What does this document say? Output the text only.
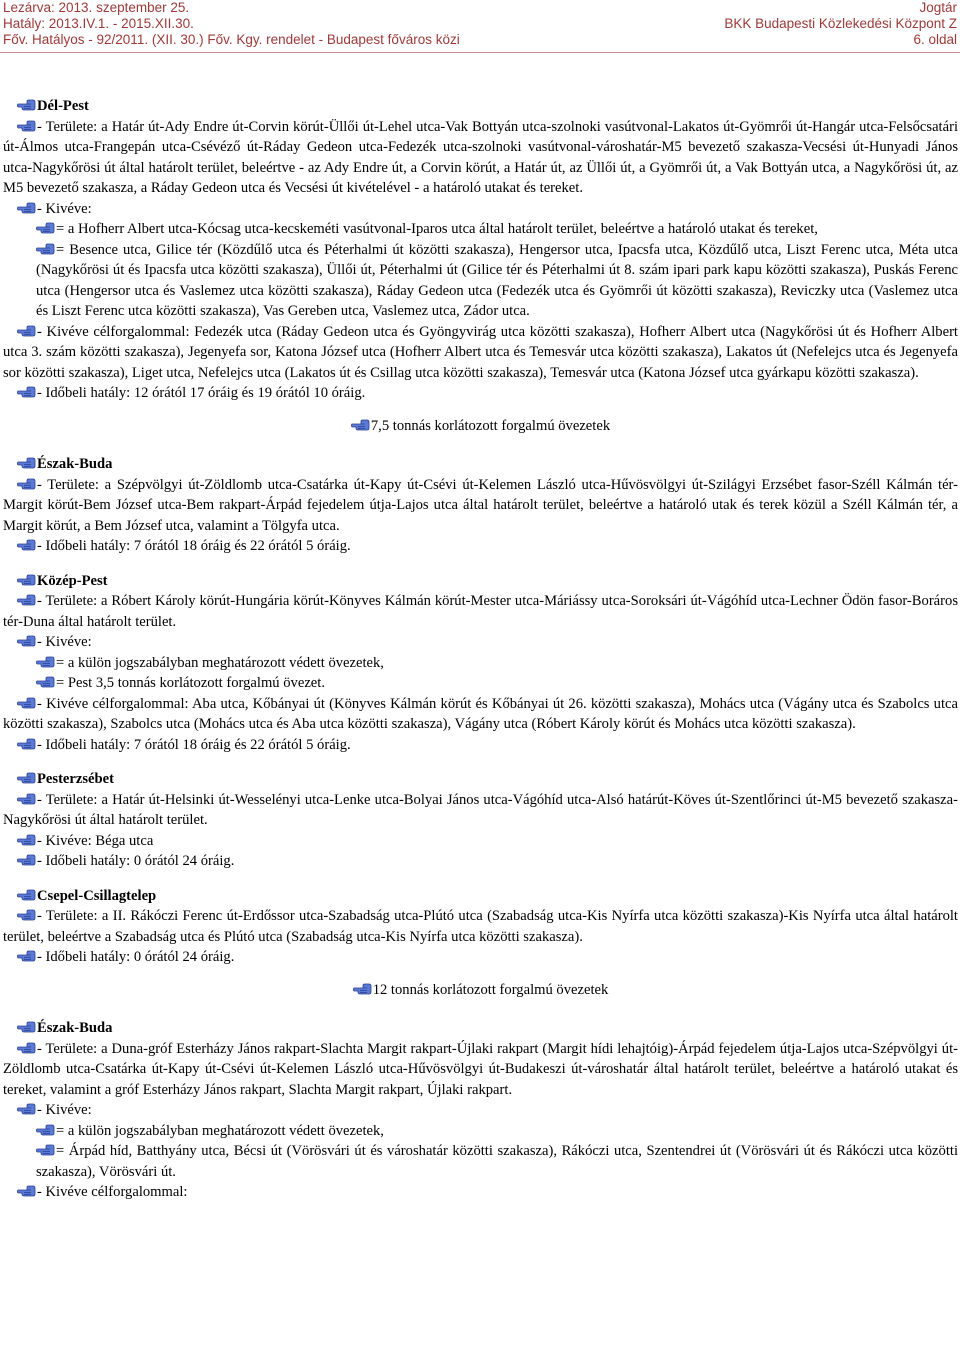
Lezárva: 2013. szeptember 25.
Hatály: 2013.IV.1. - 2015.XII.30.
Főv. Hatályos - 92/2011. (XII. 30.) Főv. Kgy. rendelet - Budapest főváros közi
Jogtár
BKK Budapesti Közlekedési Központ Z
6. oldal

Dél-Pest

- Területe: a Határ út-Ady Endre út-Corvin körút-Üllői út-Lehel utca-Vak Bottyán utca-szolnoki vasútvonal-Lakatos út-Gyömrői út-Hangár utca-Felsőcsatári út-Álmos utca-Frangepán utca-Csévéző út-Ráday Gedeon utca-Fedezék utca-szolnoki vasútvonal-városhatár-M5 bevezető szakasza-Vecsési út-Hunyadi János utca-Nagykőrösi út által határolt terület, beleértve - az Ady Endre út, a Corvin körút, a Határ út, az Üllői út, a Gyömrői út, a Vak Bottyán utca, a Nagykőrösi út, az M5 bevezető szakasza, a Ráday Gedeon utca és Vecsési út kivételével - a határoló utakat és tereket.

- Kivéve:

= a Hofherr Albert utca-Kócsag utca-kecskeméti vasútvonal-Iparos utca által határolt terület, beleértve a határoló utakat és tereket,

= Besence utca, Gilice tér (Közdűlő utca és Péterhalmi út közötti szakasza), Hengersor utca, Ipacsfa utca, Közdűlő utca, Liszt Ferenc utca, Méta utca (Nagykőrösi út és Ipacsfa utca közötti szakasza), Üllői út, Péterhalmi út (Gilice tér és Péterhalmi út 8. szám ipari park kapu közötti szakasza), Puskás Ferenc utca (Hengersor utca és Vaslemez utca közötti szakasza), Ráday Gedeon utca (Fedezék utca és Gyömrői út közötti szakasza), Reviczky utca (Vaslemez utca és Liszt Ferenc utca közötti szakasza), Vas Gereben utca, Vaslemez utca, Zádor utca.

- Kivéve célforgalommal: Fedezék utca (Ráday Gedeon utca és Gyöngyvirág utca közötti szakasza), Hofherr Albert utca (Nagykőrösi út és Hofherr Albert utca 3. szám közötti szakasza), Jegenyefa sor, Katona József utca (Hofherr Albert utca és Temesvár utca közötti szakasza), Lakatos út (Nefelejcs utca és Jegenyefa sor közötti szakasza), Liget utca, Nefelejcs utca (Lakatos út és Csillag utca közötti szakasza), Temesvár utca (Katona József utca gyárkapu közötti szakasza).

- Időbeli hatály: 12 órától 17 óráig és 19 órától 10 óráig.

7,5 tonnás korlátozott forgalmú övezetek

Észak-Buda

- Területe: a Szépvölgyi út-Zöldlomb utca-Csatárka út-Kapy út-Csévi út-Kelemen László utca-Hűvösvölgyi út-Szilágyi Erzsébet fasor-Széll Kálmán tér-Margit körút-Bem József utca-Bem rakpart-Árpád fejedelem útja-Lajos utca által határolt terület, beleértve a határoló utak és terek közül a Széll Kálmán tér, a Margit körút, a Bem József utca, valamint a Tölgyfa utca.

- Időbeli hatály: 7 órától 18 óráig és 22 órától 5 óráig.

Közép-Pest

- Területe: a Róbert Károly körút-Hungária körút-Könyves Kálmán körút-Mester utca-Máriássy utca-Soroksári út-Vágóhíd utca-Lechner Ödön fasor-Boráros tér-Duna által határolt terület.

- Kivéve:

= a külön jogszabályban meghatározott védett övezetek,

= Pest 3,5 tonnás korlátozott forgalmú övezet.

- Kivéve célforgalommal: Aba utca, Kőbányai út (Könyves Kálmán körút és Kőbányai út 26. közötti szakasza), Mohács utca (Vágány utca és Szabolcs utca közötti szakasza), Szabolcs utca (Mohács utca és Aba utca közötti szakasza), Vágány utca (Róbert Károly körút és Mohács utca közötti szakasza).

- Időbeli hatály: 7 órától 18 óráig és 22 órától 5 óráig.

Pesterzsébet

- Területe: a Határ út-Helsinki út-Wesselényi utca-Lenke utca-Bolyai János utca-Vágóhíd utca-Alsó határút-Köves út-Szentlőrinci út-M5 bevezető szakasza-Nagykőrösi út által határolt terület.

- Kivéve: Béga utca

- Időbeli hatály: 0 órától 24 óráig.

Csepel-Csillagtelep

- Területe: a II. Rákóczi Ferenc út-Erdőssor utca-Szabadság utca-Plútó utca (Szabadság utca-Kis Nyírfa utca közötti szakasza)-Kis Nyírfa utca által határolt terület, beleértve a Szabadság utca és Plútó utca (Szabadság utca-Kis Nyírfa utca közötti szakasza).

- Időbeli hatály: 0 órától 24 óráig.

12 tonnás korlátozott forgalmú övezetek

Észak-Buda

- Területe: a Duna-gróf Esterházy János rakpart-Slachta Margit rakpart-Újlaki rakpart (Margit hídi lehajtóig)-Árpád fejedelem útja-Lajos utca-Szépvölgyi út-Zöldlomb utca-Csatárka út-Kapy út-Csévi út-Kelemen László utca-Hűvösvölgyi út-Budakeszi út-városhatár által határolt terület, beleértve a határoló utakat és tereket, valamint a gróf Esterházy János rakpart, Slachta Margit rakpart, Újlaki rakpart.

- Kivéve:

= a külön jogszabályban meghatározott védett övezetek,

= Árpád híd, Batthyány utca, Bécsi út (Vörösvári út és városhatár közötti szakasza), Rákóczi utca, Szentendrei út (Vörösvári út és Rákóczi utca közötti szakasza), Vörösvári út.

- Kivéve célforgalommal:
